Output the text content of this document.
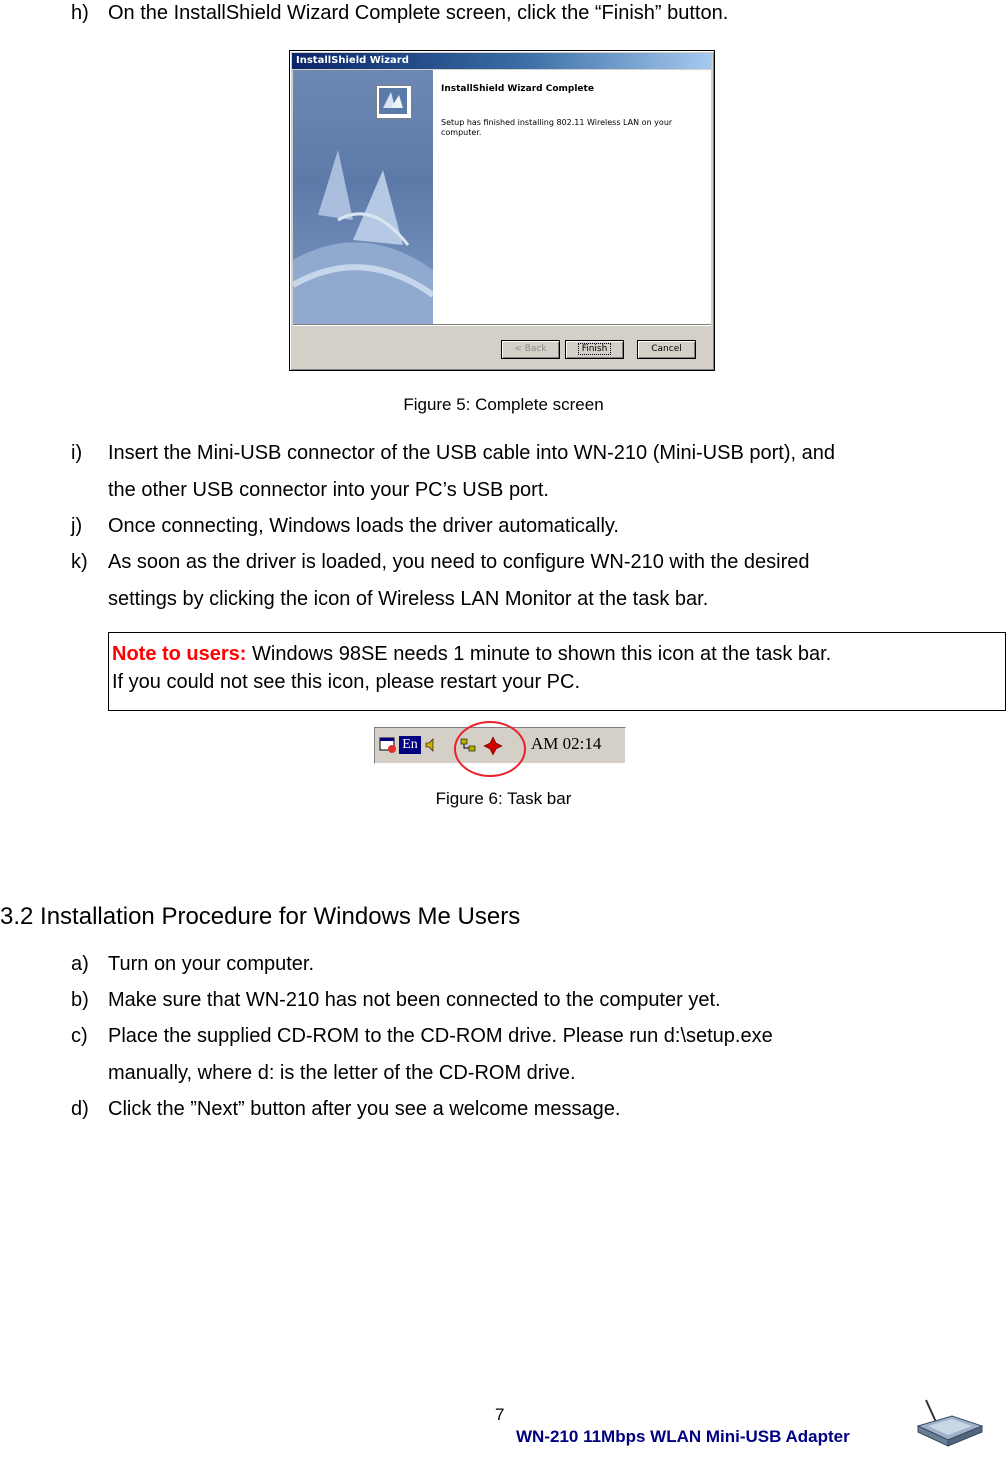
h) On the InstallShield Wizard Complete screen, click the “Finish” button.
InstallShield Wizard
InstallShield Wizard Complete
Setup has finished installing 802.11 Wireless LAN on your computer.
< Back	Finish	Cancel
Figure 5: Complete screen
i) Insert the Mini-USB connector of the USB cable into WN-210 (Mini-USB port), and
the other USB connector into your PC’s USB port.
j) Once connecting, Windows loads the driver automatically.
k) As soon as the driver is loaded, you need to configure WN-210 with the desired
settings by clicking the icon of Wireless LAN Monitor at the task bar.
Note to users: Windows 98SE needs 1 minute to shown this icon at the task bar.
If you could not see this icon, please restart your PC.
En	AM 02:14
Figure 6: Task bar
3.2 Installation Procedure for Windows Me Users
a) Turn on your computer.
b) Make sure that WN-210 has not been connected to the computer yet.
c) Place the supplied CD-ROM to the CD-ROM drive. Please run d:\setup.exe
manually, where d: is the letter of the CD-ROM drive.
d) Click the ”Next” button after you see a welcome message.
7
WN-210 11Mbps WLAN Mini-USB Adapter
